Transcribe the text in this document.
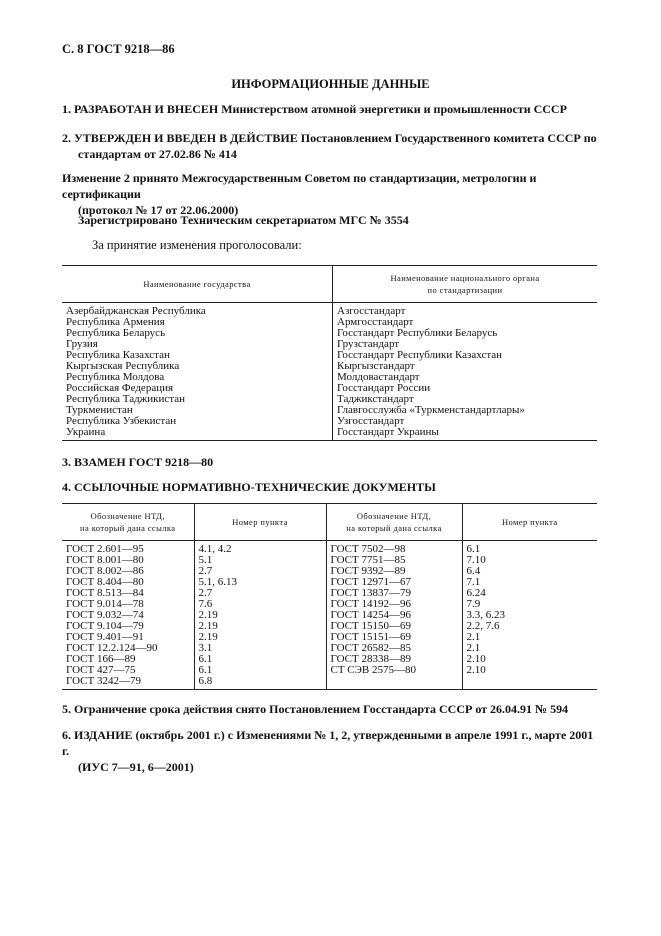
С. 8 ГОСТ 9218—86
ИНФОРМАЦИОННЫЕ ДАННЫЕ
1. РАЗРАБОТАН И ВНЕСЕН Министерством атомной энергетики и промышленности СССР
2. УТВЕРЖДЕН И ВВЕДЕН В ДЕЙСТВИЕ Постановлением Государственного комитета СССР по
стандартам от 27.02.86 № 414
Изменение 2 принято Межгосударственным Советом по стандартизации, метрологии и сертификации
(протокол № 17 от 22.06.2000)
Зарегистрировано Техническим секретариатом МГС № 3554
За принятие изменения проголосовали:
Наименование государства	Наименование национального органа
по стандартизации
Азербайджанская Республика	Азгосстандарт
Республика Армения	Армгосстандарт
Республика Беларусь	Госстандарт Республики Беларусь
Грузия	Грузстандарт
Республика Казахстан	Госстандарт Республики Казахстан
Кыргызская Республика	Кыргызстандарт
Республика Молдова	Молдовастандарт
Российская Федерация	Госстандарт России
Республика Таджикистан	Таджикстандарт
Туркменистан	Главгосслужба «Туркменстандартлары»
Республика Узбекистан	Узгосстандарт
Украина	Госстандарт Украины
3. ВЗАМЕН ГОСТ 9218—80
4. ССЫЛОЧНЫЕ НОРМАТИВНО-ТЕХНИЧЕСКИЕ ДОКУМЕНТЫ
Обозначение НТД,
на который дана ссылка	Номер пункта	Обозначение НТД,
на который дана ссылка	Номер пункта
ГОСТ 2.601—95	4.1, 4.2	ГОСТ 7502—98	6.1
ГОСТ 8.001—80	5.1	ГОСТ 7751—85	7.10
ГОСТ 8.002—86	2.7	ГОСТ 9392—89	6.4
ГОСТ 8.404—80	5.1, 6.13	ГОСТ 12971—67	7.1
ГОСТ 8.513—84	2.7	ГОСТ 13837—79	6.24
ГОСТ 9.014—78	7.6	ГОСТ 14192—96	7.9
ГОСТ 9.032—74	2.19	ГОСТ 14254—96	3.3, 6.23
ГОСТ 9.104—79	2.19	ГОСТ 15150—69	2.2, 7.6
ГОСТ 9.401—91	2.19	ГОСТ 15151—69	2.1
ГОСТ 12.2.124—90	3.1	ГОСТ 26582—85	2.1
ГОСТ 166—89	6.1	ГОСТ 28338—89	2.10
ГОСТ 427—75	6.1	СТ СЭВ 2575—80	2.10
ГОСТ 3242—79	6.8		
5. Ограничение срока действия снято Постановлением Госстандарта СССР от 26.04.91 № 594
6. ИЗДАНИЕ (октябрь 2001 г.) с Изменениями № 1, 2, утвержденными в апреле 1991 г., марте 2001 г.
(ИУС 7—91, 6—2001)
